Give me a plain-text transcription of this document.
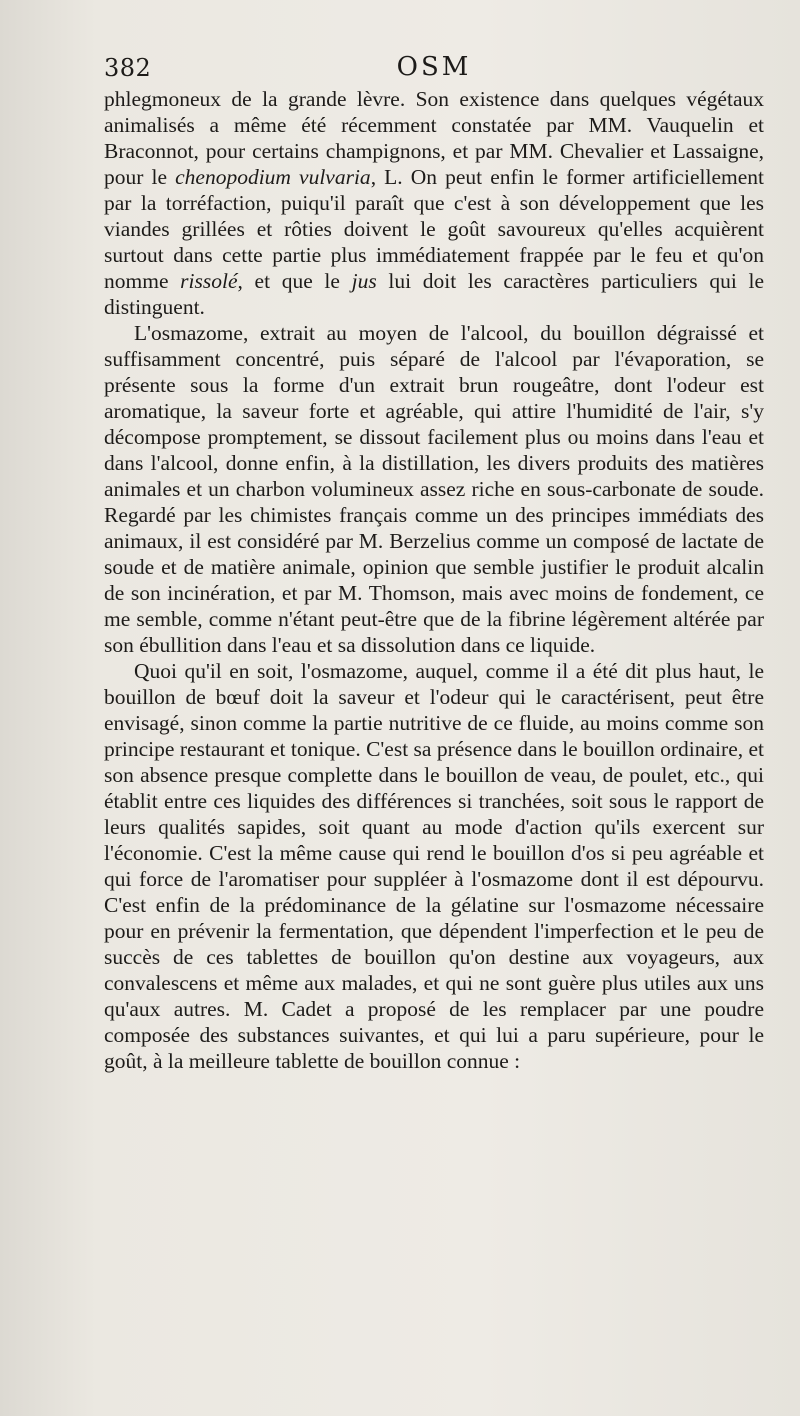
382	OSM

phlegmoneux de la grande lèvre. Son existence dans quelques végétaux animalisés a même été récemment constatée par MM. Vauquelin et Braconnot, pour certains champignons, et par MM. Chevalier et Lassaigne, pour le chenopodium vulvaria, L. On peut enfin le former artificiellement par la torréfaction, puiqu'il paraît que c'est à son développement que les viandes grillées et rôties doivent le goût savoureux qu'elles acquièrent surtout dans cette partie plus immédiatement frappée par le feu et qu'on nomme rissolé, et que le jus lui doit les caractères particuliers qui le distinguent.

L'osmazome, extrait au moyen de l'alcool, du bouillon dégraissé et suffisamment concentré, puis séparé de l'alcool par l'évaporation, se présente sous la forme d'un extrait brun rougeâtre, dont l'odeur est aromatique, la saveur forte et agréable, qui attire l'humidité de l'air, s'y décompose promptement, se dissout facilement plus ou moins dans l'eau et dans l'alcool, donne enfin, à la distillation, les divers produits des matières animales et un charbon volumineux assez riche en sous-carbonate de soude. Regardé par les chimistes français comme un des principes immédiats des animaux, il est considéré par M. Berzelius comme un composé de lactate de soude et de matière animale, opinion que semble justifier le produit alcalin de son incinération, et par M. Thomson, mais avec moins de fondement, ce me semble, comme n'étant peut-être que de la fibrine légèrement altérée par son ébullition dans l'eau et sa dissolution dans ce liquide.

Quoi qu'il en soit, l'osmazome, auquel, comme il a été dit plus haut, le bouillon de bœuf doit la saveur et l'odeur qui le caractérisent, peut être envisagé, sinon comme la partie nutritive de ce fluide, au moins comme son principe restaurant et tonique. C'est sa présence dans le bouillon ordinaire, et son absence presque complette dans le bouillon de veau, de poulet, etc., qui établit entre ces liquides des différences si tranchées, soit sous le rapport de leurs qualités sapides, soit quant au mode d'action qu'ils exercent sur l'économie. C'est la même cause qui rend le bouillon d'os si peu agréable et qui force de l'aromatiser pour suppléer à l'osmazome dont il est dépourvu. C'est enfin de la prédominance de la gélatine sur l'osmazome nécessaire pour en prévenir la fermentation, que dépendent l'imperfection et le peu de succès de ces tablettes de bouillon qu'on destine aux voyageurs, aux convalescens et même aux malades, et qui ne sont guère plus utiles aux uns qu'aux autres. M. Cadet a proposé de les remplacer par une poudre composée des substances suivantes, et qui lui a paru supérieure, pour le goût, à la meilleure tablette de bouillon connue :
